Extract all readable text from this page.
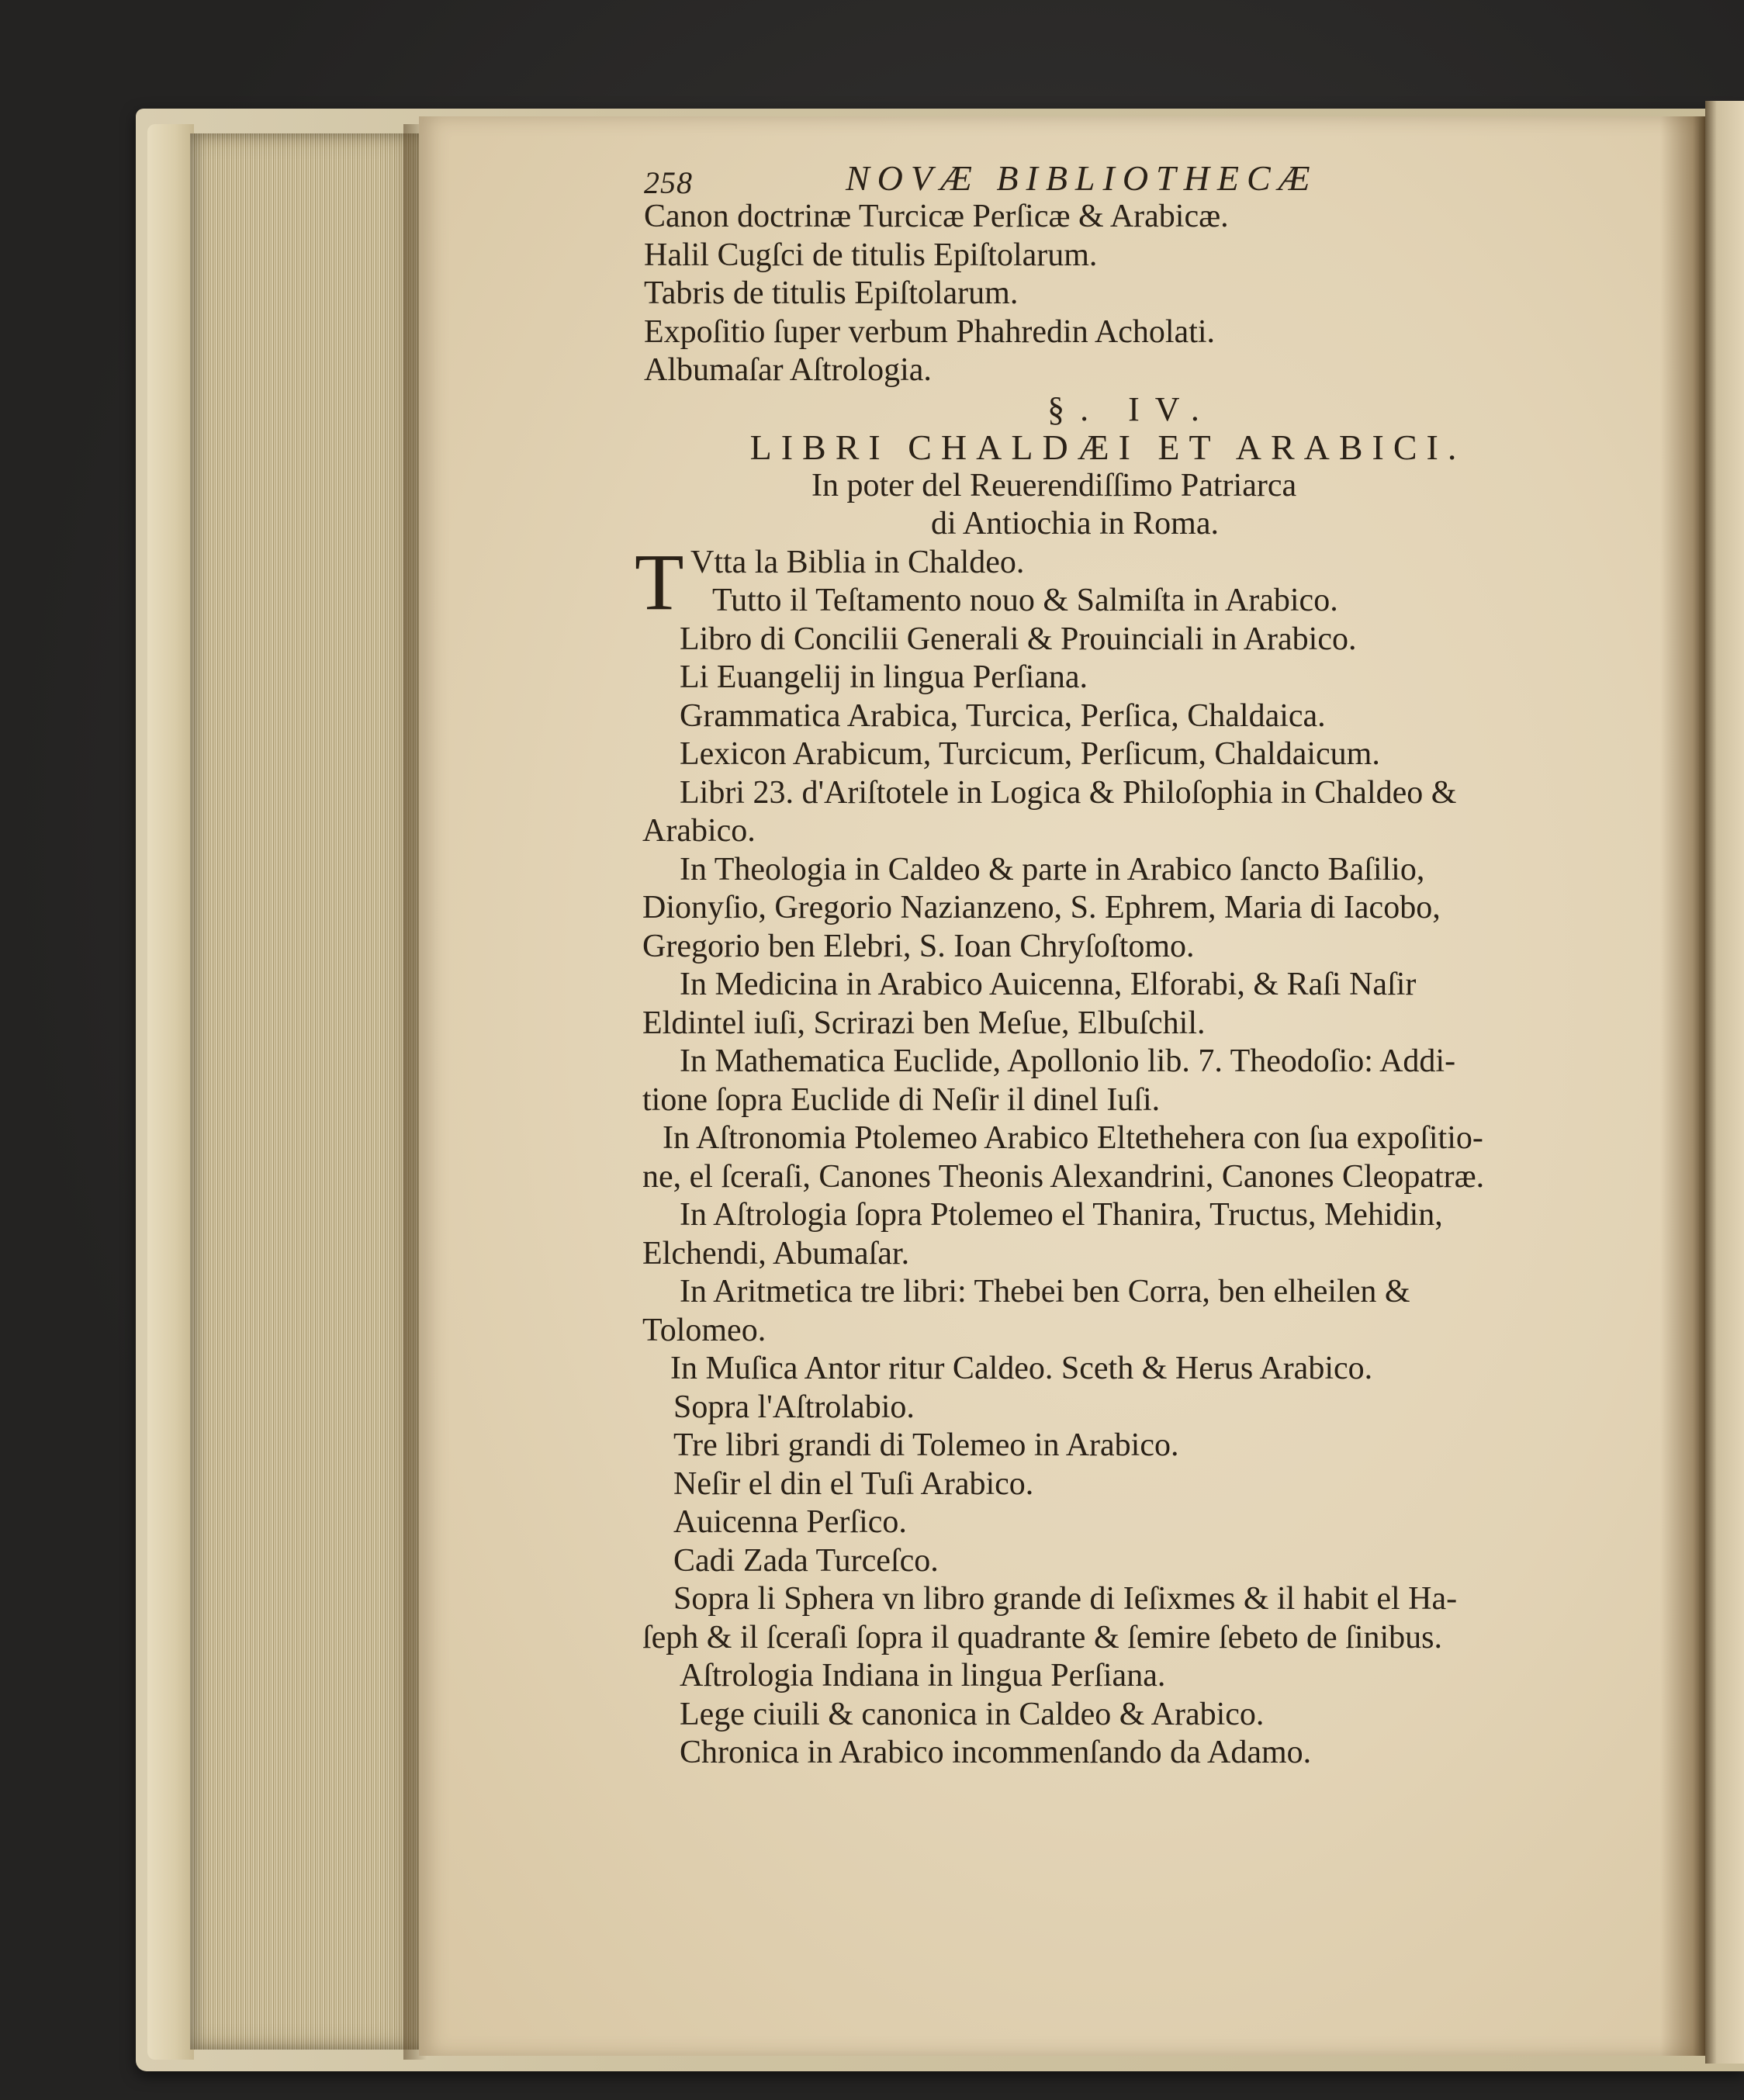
258	NOVÆ BIBLIOTHECÆ
Canon doctrinæ Turcicæ Perſicæ & Arabicæ.
Halil Cugſci de titulis Epiſtolarum.
Tabris de titulis Epiſtolarum.
Expoſitio ſuper verbum Phahredin Acholati.
Albumaſar Aſtrologia.
§. IV.
LIBRI CHALDÆI ET ARABICI.
In poter del Reuerendiſſimo Patriarca
di Antiochia in Roma.
T Vtta la Biblia in Chaldeo.
Tutto il Teſtamento nouo & Salmiſta in Arabico.
Libro di Concilii Generali & Prouinciali in Arabico.
Li Euangelij in lingua Perſiana.
Grammatica Arabica, Turcica, Perſica, Chaldaica.
Lexicon Arabicum, Turcicum, Perſicum, Chaldaicum.
Libri 23. d'Ariſtotele in Logica & Philoſophia in Chaldeo &
Arabico.
In Theologia in Caldeo & parte in Arabico ſancto Baſilio,
Dionyſio, Gregorio Nazianzeno, S. Ephrem, Maria di Iacobo,
Gregorio ben Elebri, S. Ioan Chryſoſtomo.
In Medicina in Arabico Auicenna, Elforabi, & Raſi Naſir
Eldintel iuſi, Scrirazi ben Meſue, Elbuſchil.
In Mathematica Euclide, Apollonio lib. 7. Theodoſio: Addi-
tione ſopra Euclide di Neſir il dinel Iuſi.
In Aſtronomia Ptolemeo Arabico Eltethehera con ſua expoſitio-
ne, el ſceraſi, Canones Theonis Alexandrini, Canones Cleopatræ.
In Aſtrologia ſopra Ptolemeo el Thanira, Tructus, Mehidin,
Elchendi, Abumaſar.
In Aritmetica tre libri: Thebei ben Corra, ben elheilen &
Tolomeo.
In Muſica Antor ritur Caldeo. Sceth & Herus Arabico.
Sopra l'Aſtrolabio.
Tre libri grandi di Tolemeo in Arabico.
Neſir el din el Tuſi Arabico.
Auicenna Perſico.
Cadi Zada Turceſco.
Sopra li Sphera vn libro grande di Ieſixmes & il habit el Ha-
ſeph & il ſceraſi ſopra il quadrante & ſemire ſebeto de ſinibus.
Aſtrologia Indiana in lingua Perſiana.
Lege ciuili & canonica in Caldeo & Arabico.
Chronica in Arabico incommenſando da Adamo.
